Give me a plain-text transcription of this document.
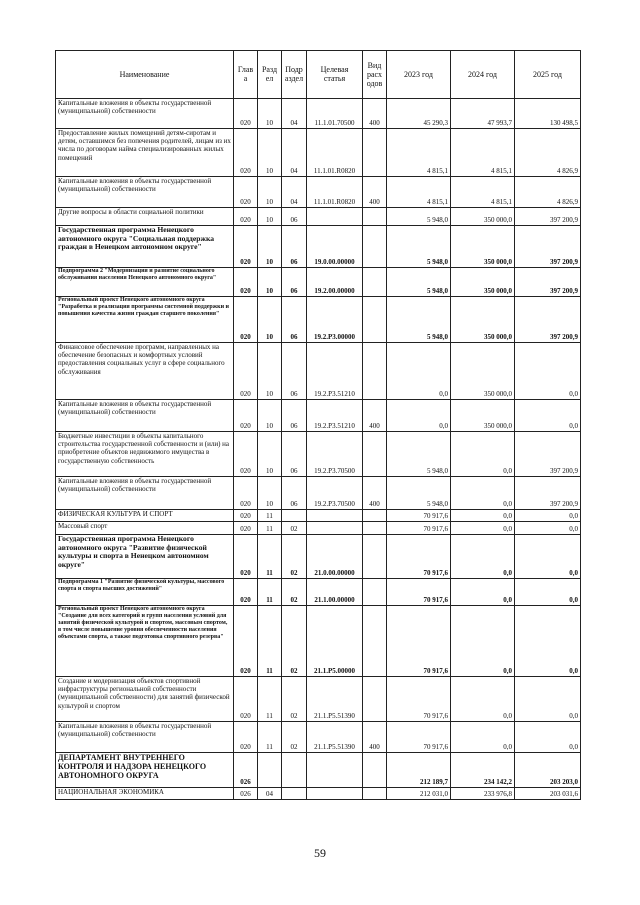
Наименование	Глав а	Разд ел	Подр аздел	Целевая статья	Вид расх одов	2023 год	2024 год	2025 год
Капитальные вложения в объекты государственной (муниципальной) собственности	020	10	04	11.1.01.70500	400	45 290,3	47 993,7	130 498,5
Предоставление жилых помещений детям-сиротам и детям, оставшимся без попечения родителей, лицам из их числа по договорам найма специализированных жилых помещений	020	10	04	11.1.01.R0820		4 815,1	4 815,1	4 826,9
Капитальные вложения в объекты государственной (муниципальной) собственности	020	10	04	11.1.01.R0820	400	4 815,1	4 815,1	4 826,9
Другие вопросы в области социальной политики	020	10	06			5 948,0	350 000,0	397 200,9
Государственная программа Ненецкого автономного округа "Социальная поддержка граждан в Ненецком автономном округе"	020	10	06	19.0.00.00000		5 948,0	350 000,0	397 200,9
Подпрограмма 2 "Модернизация и развитие социального обслуживания населения Ненецкого автономного округа"	020	10	06	19.2.00.00000		5 948,0	350 000,0	397 200,9
Региональный проект Ненецкого автономного округа "Разработка и реализация программы системной поддержки и повышения качества жизни граждан старшего поколения"	020	10	06	19.2.P3.00000		5 948,0	350 000,0	397 200,9
Финансовое обеспечение программ, направленных на обеспечение безопасных и комфортных условий предоставления социальных услуг в сфере социального обслуживания	020	10	06	19.2.P3.51210		0,0	350 000,0	0,0
Капитальные вложения в объекты государственной (муниципальной) собственности	020	10	06	19.2.P3.51210	400	0,0	350 000,0	0,0
Бюджетные инвестиции в объекты капитального строительства государственной собственности и (или) на приобретение объектов недвижимого имущества в государственную собственность	020	10	06	19.2.P3.70500		5 948,0	0,0	397 200,9
Капитальные вложения в объекты государственной (муниципальной) собственности	020	10	06	19.2.P3.70500	400	5 948,0	0,0	397 200,9
ФИЗИЧЕСКАЯ КУЛЬТУРА И СПОРТ	020	11				70 917,6	0,0	0,0
Массовый спорт	020	11	02			70 917,6	0,0	0,0
Государственная программа Ненецкого автономного округа "Развитие физической культуры и спорта в Ненецком автономном округе"	020	11	02	21.0.00.00000		70 917,6	0,0	0,0
Подпрограмма 1 "Развитие физической культуры, массового спорта и спорта высших достижений"	020	11	02	21.1.00.00000		70 917,6	0,0	0,0
Региональный проект Ненецкого автономного округа "Создание для всех категорий и групп населения условий для занятий физической культурой и спортом, массовым спортом, в том числе повышение уровня обеспеченности населения объектами спорта, а также подготовка спортивного резерва"	020	11	02	21.1.P5.00000		70 917,6	0,0	0,0
Создание и модернизация объектов спортивной инфраструктуры региональной собственности (муниципальной собственности) для занятий физической культурой и спортом	020	11	02	21.1.P5.51390		70 917,6	0,0	0,0
Капитальные вложения в объекты государственной (муниципальной) собственности	020	11	02	21.1.P5.51390	400	70 917,6	0,0	0,0
ДЕПАРТАМЕНТ ВНУТРЕННЕГО КОНТРОЛЯ И НАДЗОРА НЕНЕЦКОГО АВТОНОМНОГО ОКРУГА	026					212 189,7	234 142,2	203 203,0
НАЦИОНАЛЬНАЯ ЭКОНОМИКА	026	04				212 031,0	233 976,8	203 031,6
59
